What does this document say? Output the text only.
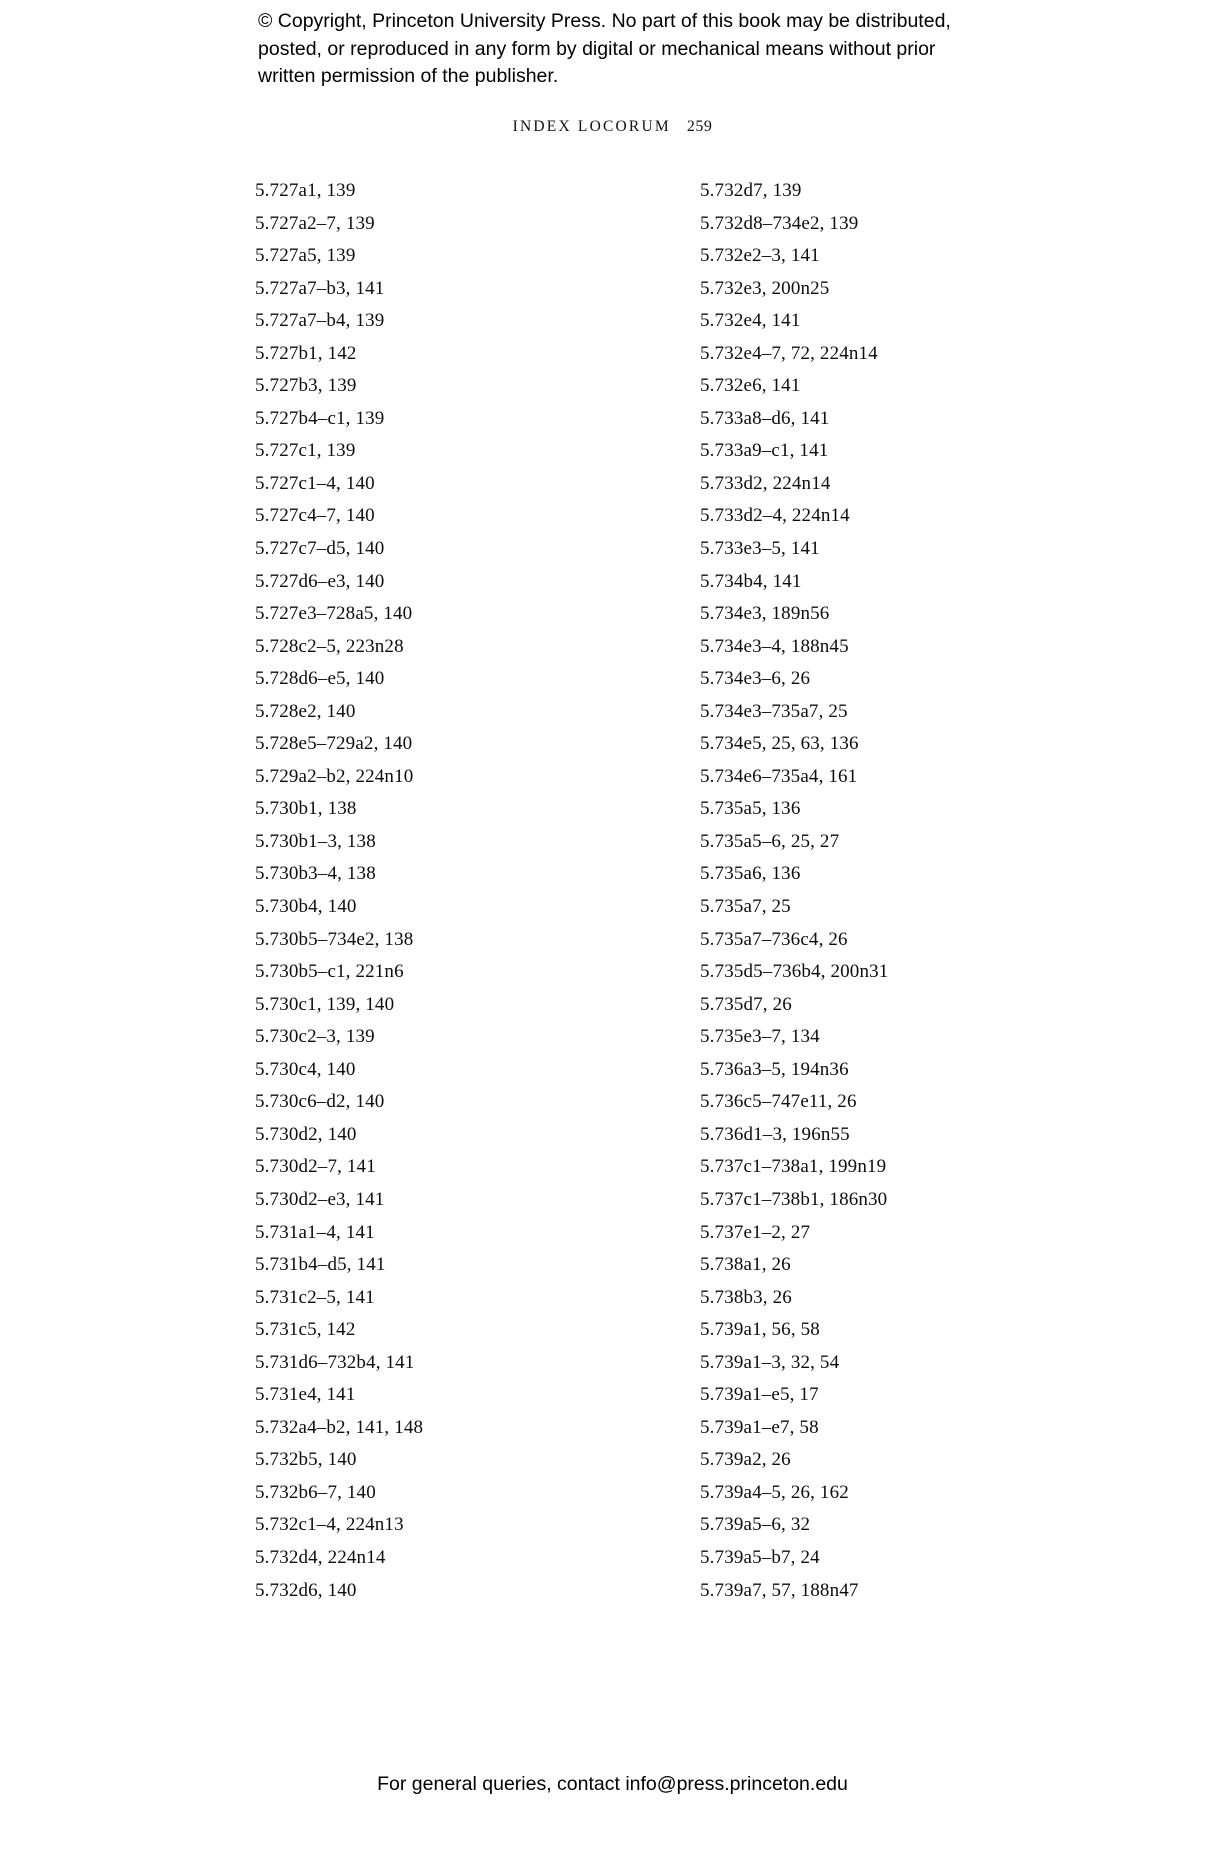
© Copyright, Princeton University Press. No part of this book may be distributed, posted, or reproduced in any form by digital or mechanical means without prior written permission of the publisher.
INDEX LOCORUM 259
5.727a1, 139
5.727a2–7, 139
5.727a5, 139
5.727a7–b3, 141
5.727a7–b4, 139
5.727b1, 142
5.727b3, 139
5.727b4–c1, 139
5.727c1, 139
5.727c1–4, 140
5.727c4–7, 140
5.727c7–d5, 140
5.727d6–e3, 140
5.727e3–728a5, 140
5.728c2–5, 223n28
5.728d6–e5, 140
5.728e2, 140
5.728e5–729a2, 140
5.729a2–b2, 224n10
5.730b1, 138
5.730b1–3, 138
5.730b3–4, 138
5.730b4, 140
5.730b5–734e2, 138
5.730b5–c1, 221n6
5.730c1, 139, 140
5.730c2–3, 139
5.730c4, 140
5.730c6–d2, 140
5.730d2, 140
5.730d2–7, 141
5.730d2–e3, 141
5.731a1–4, 141
5.731b4–d5, 141
5.731c2–5, 141
5.731c5, 142
5.731d6–732b4, 141
5.731e4, 141
5.732a4–b2, 141, 148
5.732b5, 140
5.732b6–7, 140
5.732c1–4, 224n13
5.732d4, 224n14
5.732d6, 140
5.732d7, 139
5.732d8–734e2, 139
5.732e2–3, 141
5.732e3, 200n25
5.732e4, 141
5.732e4–7, 72, 224n14
5.732e6, 141
5.733a8–d6, 141
5.733a9–c1, 141
5.733d2, 224n14
5.733d2–4, 224n14
5.733e3–5, 141
5.734b4, 141
5.734e3, 189n56
5.734e3–4, 188n45
5.734e3–6, 26
5.734e3–735a7, 25
5.734e5, 25, 63, 136
5.734e6–735a4, 161
5.735a5, 136
5.735a5–6, 25, 27
5.735a6, 136
5.735a7, 25
5.735a7–736c4, 26
5.735d5–736b4, 200n31
5.735d7, 26
5.735e3–7, 134
5.736a3–5, 194n36
5.736c5–747e11, 26
5.736d1–3, 196n55
5.737c1–738a1, 199n19
5.737c1–738b1, 186n30
5.737e1–2, 27
5.738a1, 26
5.738b3, 26
5.739a1, 56, 58
5.739a1–3, 32, 54
5.739a1–e5, 17
5.739a1–e7, 58
5.739a2, 26
5.739a4–5, 26, 162
5.739a5–6, 32
5.739a5–b7, 24
5.739a7, 57, 188n47
For general queries, contact info@press.princeton.edu
